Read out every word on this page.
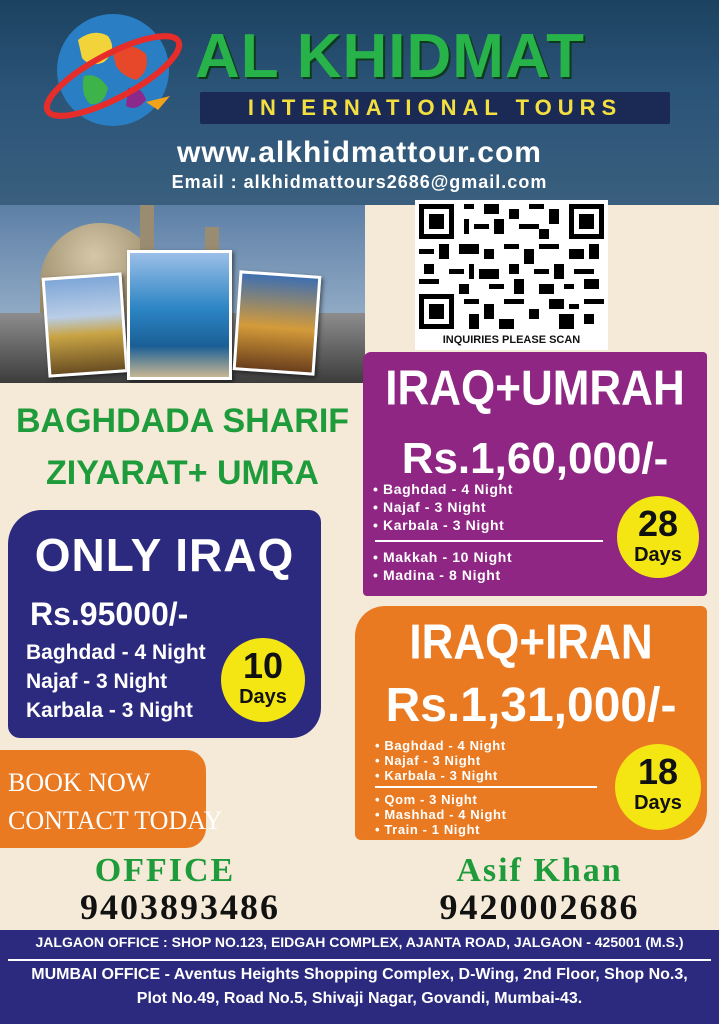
AL KHIDMAT
INTERNATIONAL TOURS
www.alkhidmattour.com
Email : alkhidmattours2686@gmail.com
INQUIRIES PLEASE SCAN
BAGHDADA SHARIF
ZIYARAT+ UMRA
ONLY IRAQ
Rs.95000/-
Baghdad - 4 Night
Najaf - 3 Night
Karbala - 3 Night
10
Days
IRAQ+UMRAH
Rs.1,60,000/-
• Baghdad - 4 Night
• Najaf - 3 Night
• Karbala - 3 Night
• Makkah - 10 Night
• Madina - 8 Night
28
Days
IRAQ+IRAN
Rs.1,31,000/-
• Baghdad - 4 Night
• Najaf - 3 Night
• Karbala - 3 Night
• Qom - 3 Night
• Mashhad - 4 Night
• Train - 1 Night
18
Days
BOOK NOW
CONTACT TODAY
OFFICE
9403893486
Asif Khan
9420002686
JALGAON OFFICE : SHOP NO.123, EIDGAH COMPLEX, AJANTA ROAD, JALGAON - 425001 (M.S.)
MUMBAI OFFICE - Aventus Heights Shopping Complex, D-Wing, 2nd Floor, Shop No.3,
Plot No.49, Road No.5, Shivaji Nagar, Govandi, Mumbai-43.
